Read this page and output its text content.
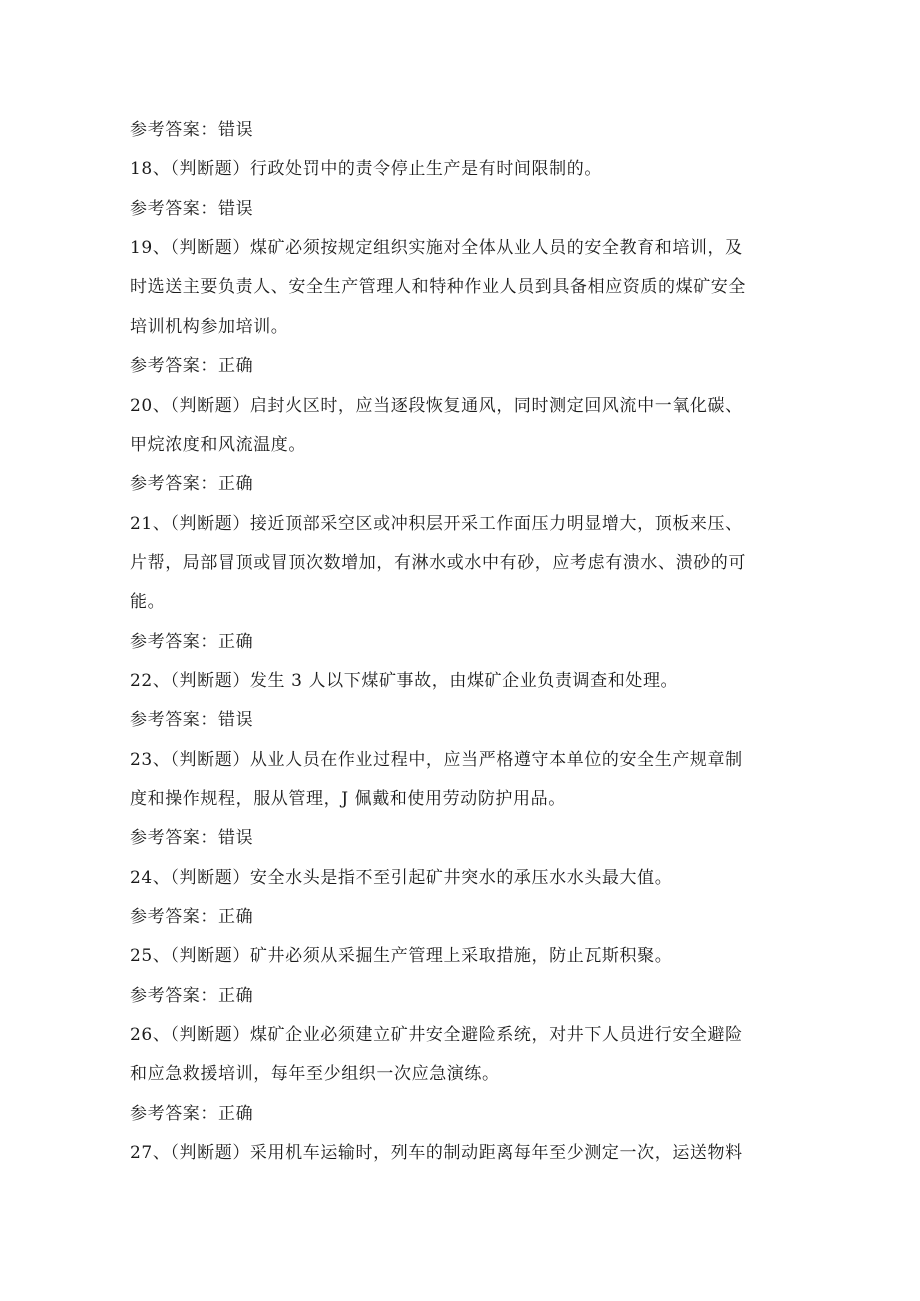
参考答案：错误
18、（判断题）行政处罚中的责令停止生产是有时间限制的。
参考答案：错误
19、（判断题）煤矿必须按规定组织实施对全体从业人员的安全教育和培训，及
时选送主要负责人、安全生产管理人和特种作业人员到具备相应资质的煤矿安全
培训机构参加培训。
参考答案：正确
20、（判断题）启封火区时，应当逐段恢复通风，同时测定回风流中一氧化碳、
甲烷浓度和风流温度。
参考答案：正确
21、（判断题）接近顶部采空区或冲积层开采工作面压力明显增大，顶板来压、
片帮，局部冒顶或冒顶次数增加，有淋水或水中有砂，应考虑有溃水、溃砂的可
能。
参考答案：正确
22、（判断题）发生 3 人以下煤矿事故，由煤矿企业负责调查和处理。
参考答案：错误
23、（判断题）从业人员在作业过程中，应当严格遵守本单位的安全生产规章制
度和操作规程，服从管理，J 佩戴和使用劳动防护用品。
参考答案：错误
24、（判断题）安全水头是指不至引起矿井突水的承压水水头最大值。
参考答案：正确
25、（判断题）矿井必须从采掘生产管理上采取措施，防止瓦斯积聚。
参考答案：正确
26、（判断题）煤矿企业必须建立矿井安全避险系统，对井下人员进行安全避险
和应急救援培训，每年至少组织一次应急演练。
参考答案：正确
27、（判断题）采用机车运输时，列车的制动距离每年至少测定一次，运送物料
